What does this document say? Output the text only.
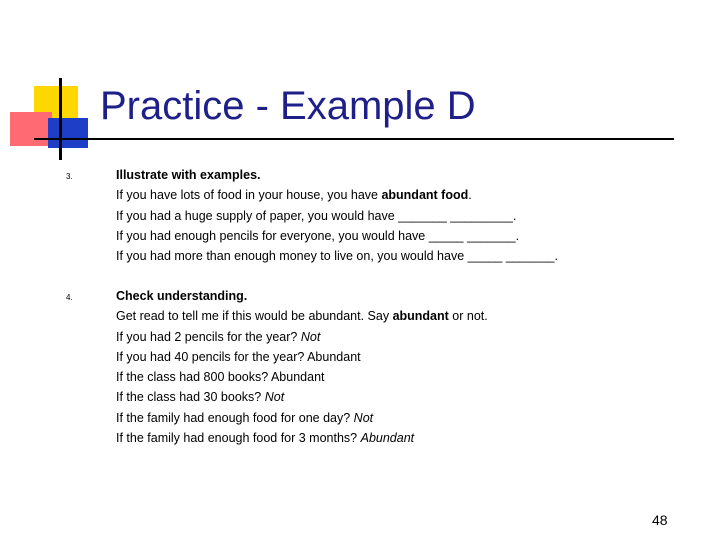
Practice - Example D
3.	Illustrate with examples.
If you have lots of food in your house, you have abundant food.
If you had a huge supply of paper, you would have _______ _________.
If you had enough pencils for everyone, you would have _____ _______.
If you had more than enough money to live on, you would have _____ _______.
4.	Check understanding.
Get read to tell me if this would be abundant. Say abundant or not.
If you had 2 pencils for the year? Not
If you had 40 pencils for the year? Abundant
If the class had 800 books? Abundant
If the class had 30 books? Not
If the family had enough food for one day? Not
If the family had enough food for 3 months? Abundant
48
